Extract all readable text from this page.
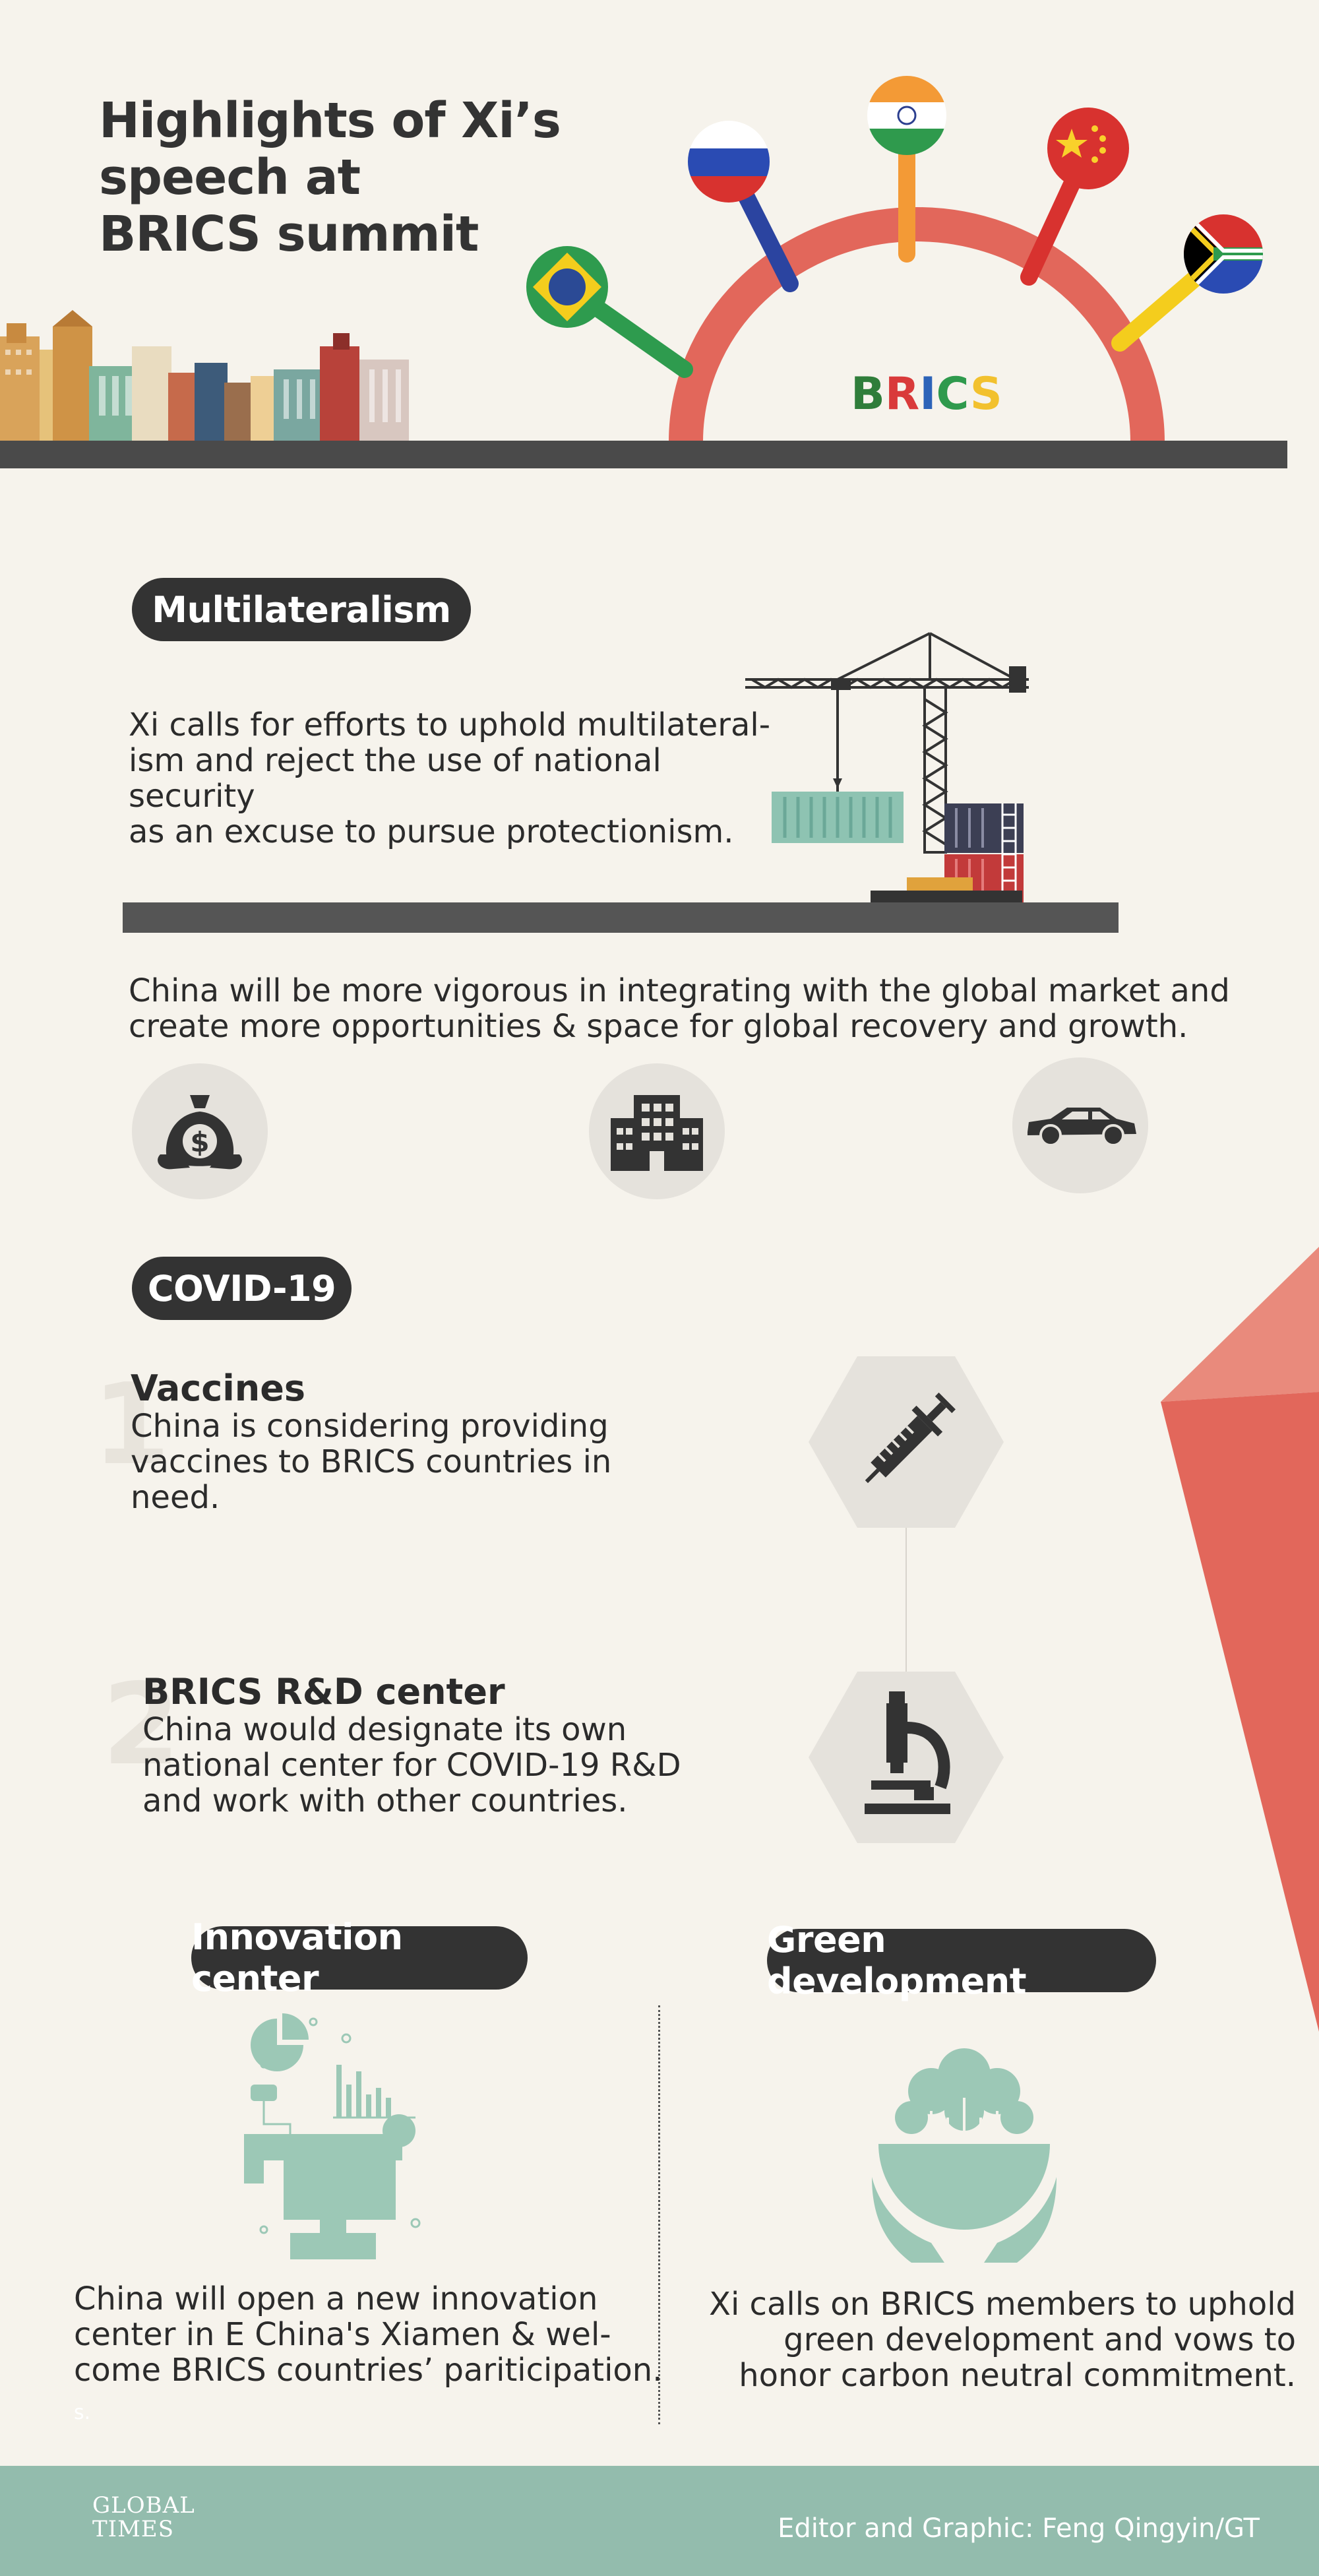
Highlights of Xi’s
speech at
BRICS summit
BRICS
Multilateralism
Xi calls for efforts to uphold multilateral-
ism and reject the use of national security
as an excuse to pursue protectionism.
China will be more vigorous in integrating with the global market and
create more opportunities & space for global recovery and growth.
$
COVID-19
1
Vaccines
China is considering providing
vaccines to BRICS countries in
need.
2
BRICS R&D center
China would designate its own
national center for COVID-19 R&D
and work with other countries.
Innovation center
Green development
China will open a new innovation
center in E China's Xiamen & wel-
come BRICS countries’ pariticipation.
s.
Xi calls on BRICS members to uphold
green development and vows to
honor carbon neutral commitment.
GLOBAL
TIMES	Editor and Graphic: Feng Qingyin/GT
